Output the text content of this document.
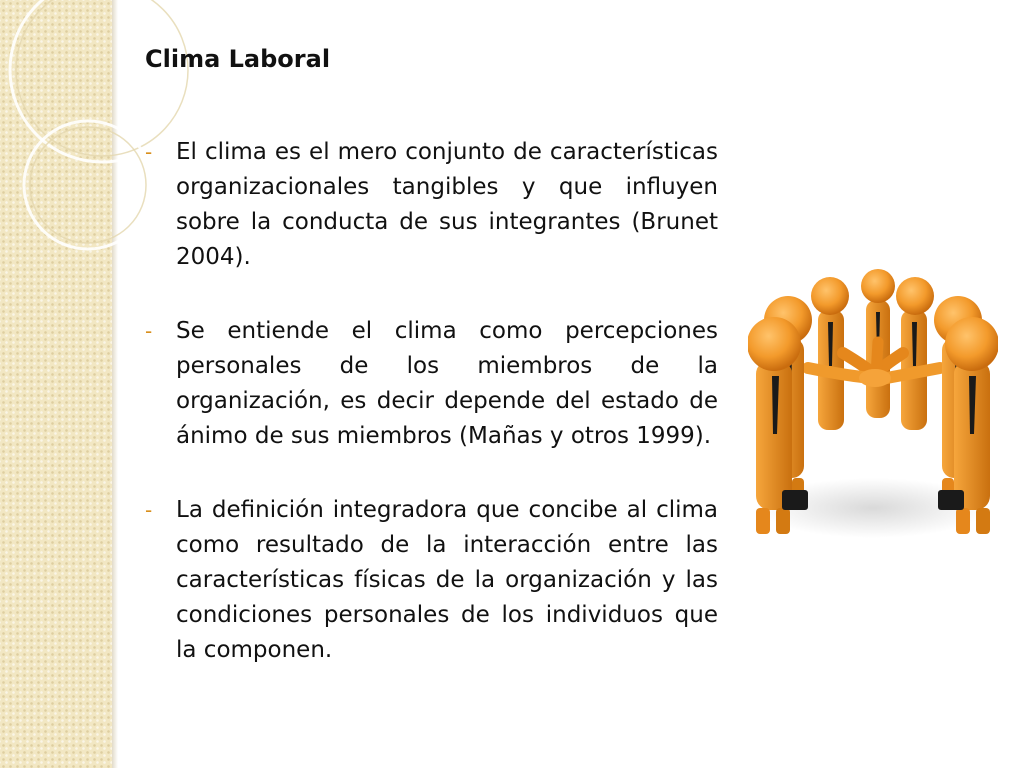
Clima Laboral
- El clima es el mero conjunto de características organizacionales tangibles y que influyen sobre la conducta de sus integrantes (Brunet 2004).
- Se entiende el clima como percepciones personales de los miembros de la organización, es decir depende del estado de ánimo de sus miembros (Mañas y otros 1999).
- La definición integradora que concibe al clima como resultado de la interacción entre las características físicas de la organización y las condiciones personales de los individuos que la componen.
